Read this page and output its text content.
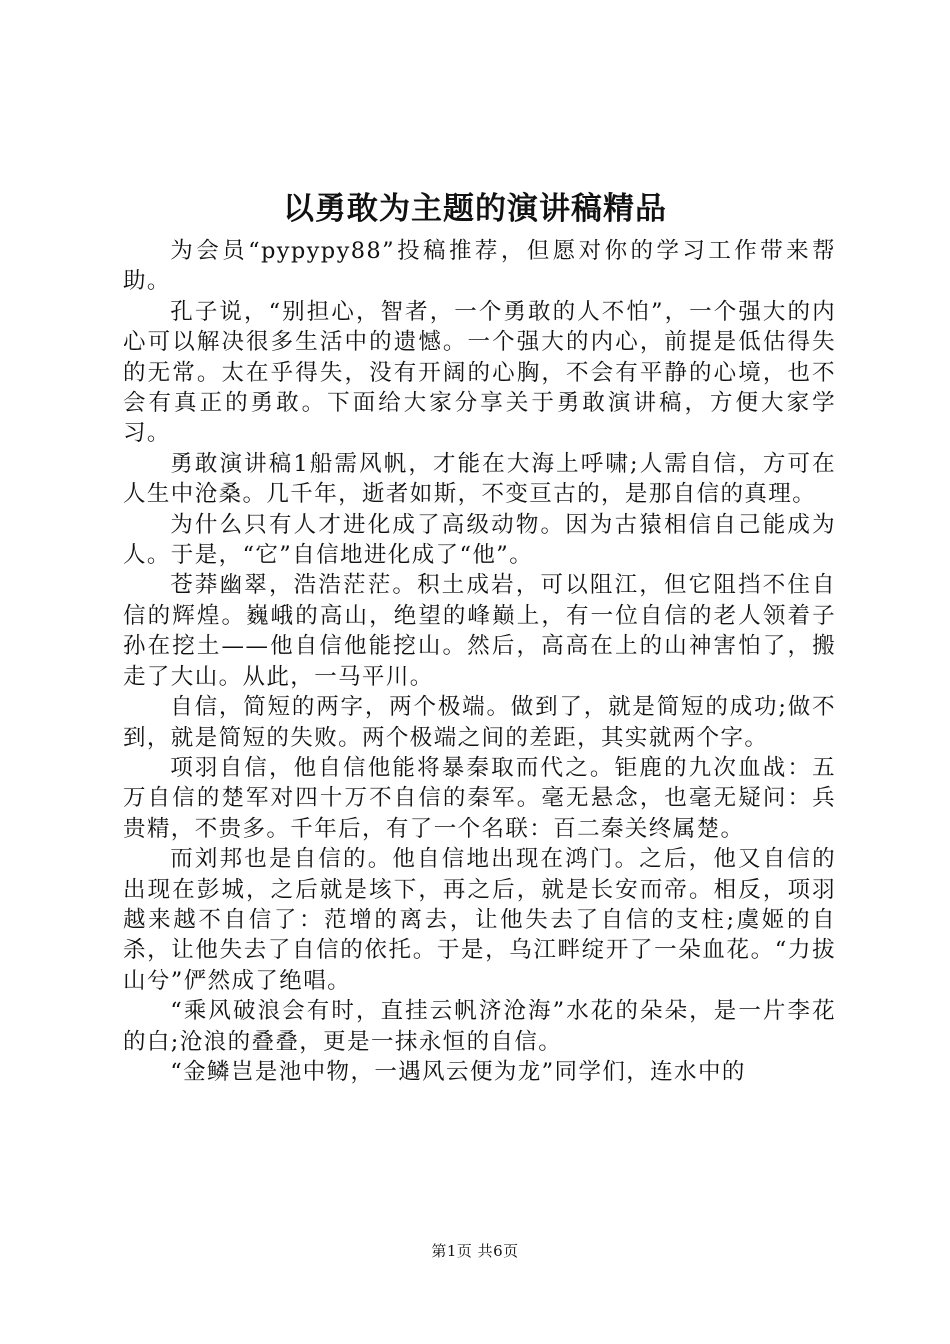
以勇敢为主题的演讲稿精品

为会员“pypypy88”投稿推荐，但愿对你的学习工作带来帮助。

孔子说，“别担心，智者，一个勇敢的人不怕”，一个强大的内心可以解决很多生活中的遗憾。一个强大的内心，前提是低估得失的无常。太在乎得失，没有开阔的心胸，不会有平静的心境，也不会有真正的勇敢。下面给大家分享关于勇敢演讲稿，方便大家学习。

勇敢演讲稿1船需风帆，才能在大海上呼啸;人需自信，方可在人生中沧桑。几千年，逝者如斯，不变亘古的，是那自信的真理。

为什么只有人才进化成了高级动物。因为古猿相信自己能成为人。于是，“它”自信地进化成了“他”。

苍莽幽翠，浩浩茫茫。积土成岩，可以阻江，但它阻挡不住自信的辉煌。巍峨的高山，绝望的峰巅上，有一位自信的老人领着子孙在挖土——他自信他能挖山。然后，高高在上的山神害怕了，搬走了大山。从此，一马平川。

自信，简短的两字，两个极端。做到了，就是简短的成功;做不到，就是简短的失败。两个极端之间的差距，其实就两个字。

项羽自信，他自信他能将暴秦取而代之。钜鹿的九次血战：五万自信的楚军对四十万不自信的秦军。毫无悬念，也毫无疑问：兵贵精，不贵多。千年后，有了一个名联：百二秦关终属楚。

而刘邦也是自信的。他自信地出现在鸿门。之后，他又自信的出现在彭城，之后就是垓下，再之后，就是长安而帝。相反，项羽越来越不自信了：范增的离去，让他失去了自信的支柱;虞姬的自杀，让他失去了自信的依托。于是，乌江畔绽开了一朵血花。“力拔山兮”俨然成了绝唱。

“乘风破浪会有时，直挂云帆济沧海”水花的朵朵，是一片李花的白;沧浪的叠叠，更是一抹永恒的自信。

“金鳞岂是池中物，一遇风云便为龙”同学们，连水中的

第1页 共6页
